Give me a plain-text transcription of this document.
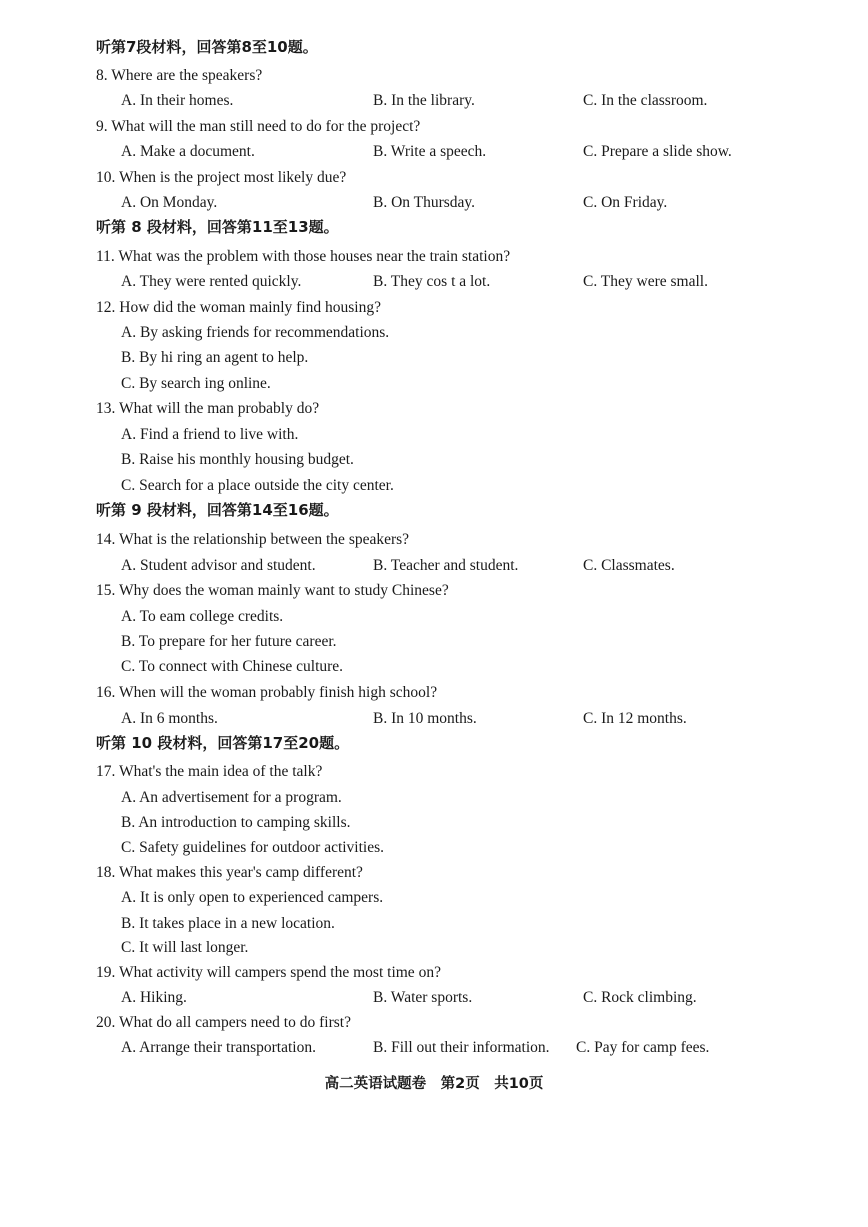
听第7段材料，回答第8至10题。
8. Where are the speakers?
A. In their homes.	B. In the library.	C. In the classroom.
9. What will the man still need to do for the project?
A. Make a document.	B. Write a speech.	C. Prepare a slide show.
10. When is the project most likely due?
A. On Monday.	B. On Thursday.	C. On Friday.
听第 8 段材料，回答第11至13题。
11. What was the problem with those houses near the train station?
A. They were rented quickly.	B. They cos t a lot.	C. They were small.
12. How did the woman mainly find housing?
A. By asking friends for recommendations.
B. By hi ring an agent to help.
C. By search ing online.
13. What will the man probably do?
A. Find a friend to live with.
B. Raise his monthly housing budget.
C. Search for a place outside the city center.
听第 9 段材料，回答第14至16题。
14. What is the relationship between the speakers?
A. Student advisor and student.	B. Teacher and student.	C. Classmates.
15. Why does the woman mainly want to study Chinese?
A. To eam college credits.
B. To prepare for her future career.
C. To connect with Chinese culture.
16. When will the woman probably finish high school?
A. In 6 months.	B. In 10 months.	C. In 12 months.
听第 10 段材料，回答第17至20题。
17. What's the main idea of the talk?
A. An advertisement for a program.
B. An introduction to camping skills.
C. Safety guidelines for outdoor activities.
18. What makes this year's camp different?
A. It is only open to experienced campers.
B. It takes place in a new location.
C. It will last longer.
19. What activity will campers spend the most time on?
A. Hiking.	B. Water sports.	C. Rock climbing.
20. What do all campers need to do first?
A. Arrange their transportation.	B. Fill out their information. C. Pay for camp fees.
高二英语试题卷　第2页　共10页
